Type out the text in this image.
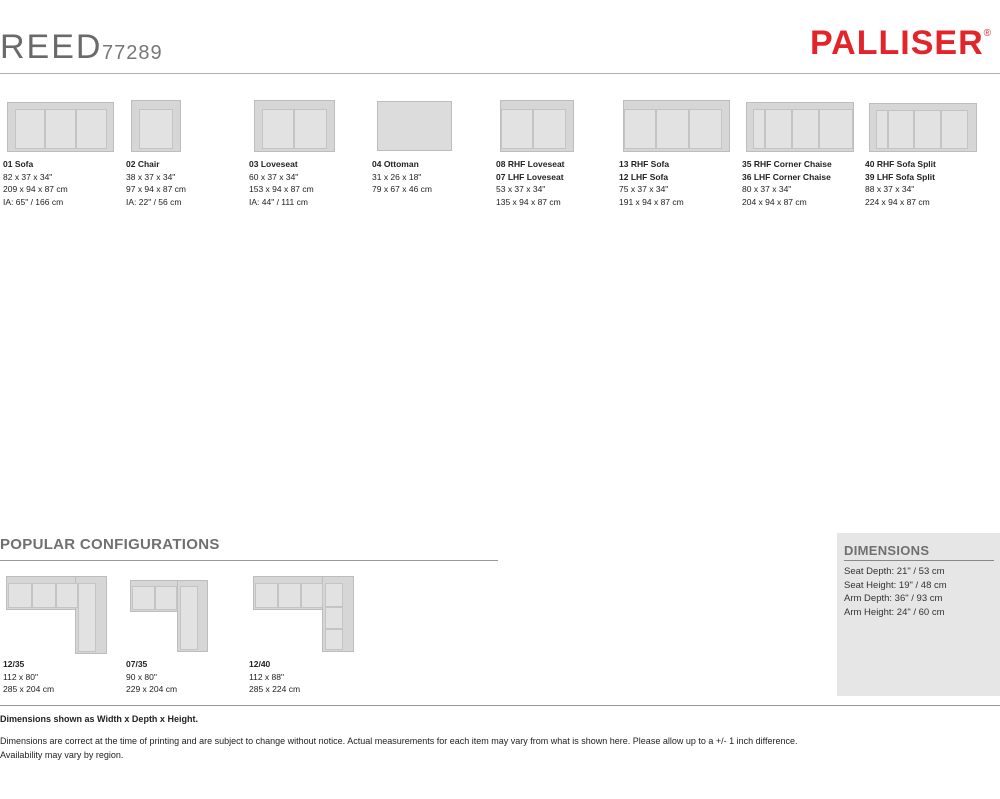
REED 77289	PALLISER®
01 Sofa
82 x 37 x 34"
209 x 94 x 87 cm
IA: 65" / 166 cm
02 Chair
38 x 37 x 34"
97 x 94 x 87 cm
IA: 22" / 56 cm
03 Loveseat
60 x 37 x 34"
153 x 94 x 87 cm
IA: 44" / 111 cm
04 Ottoman
31 x 26 x 18"
79 x 67 x 46 cm
08 RHF Loveseat
07 LHF Loveseat
53 x 37 x 34"
135 x 94 x 87 cm
13 RHF Sofa
12 LHF Sofa
75 x 37 x 34"
191 x 94 x 87 cm
35 RHF Corner Chaise
36 LHF Corner Chaise
80 x 37 x 34"
204 x 94 x 87 cm
40 RHF Sofa Split
39 LHF Sofa Split
88 x 37 x 34"
224 x 94 x 87 cm
POPULAR CONFIGURATIONS
12/35
112 x 80"
285 x 204 cm
07/35
90 x 80"
229 x 204 cm
12/40
112 x 88"
285 x 224 cm
DIMENSIONS
Seat Depth: 21" / 53 cm
Seat Height: 19" / 48 cm
Arm Depth: 36" / 93 cm
Arm Height: 24" / 60 cm
Dimensions shown as Width x Depth x Height.
Dimensions are correct at the time of printing and are subject to change without notice. Actual measurements for each item may vary from what is shown here. Please allow up to a +/- 1 inch difference.
Availability may vary by region.
